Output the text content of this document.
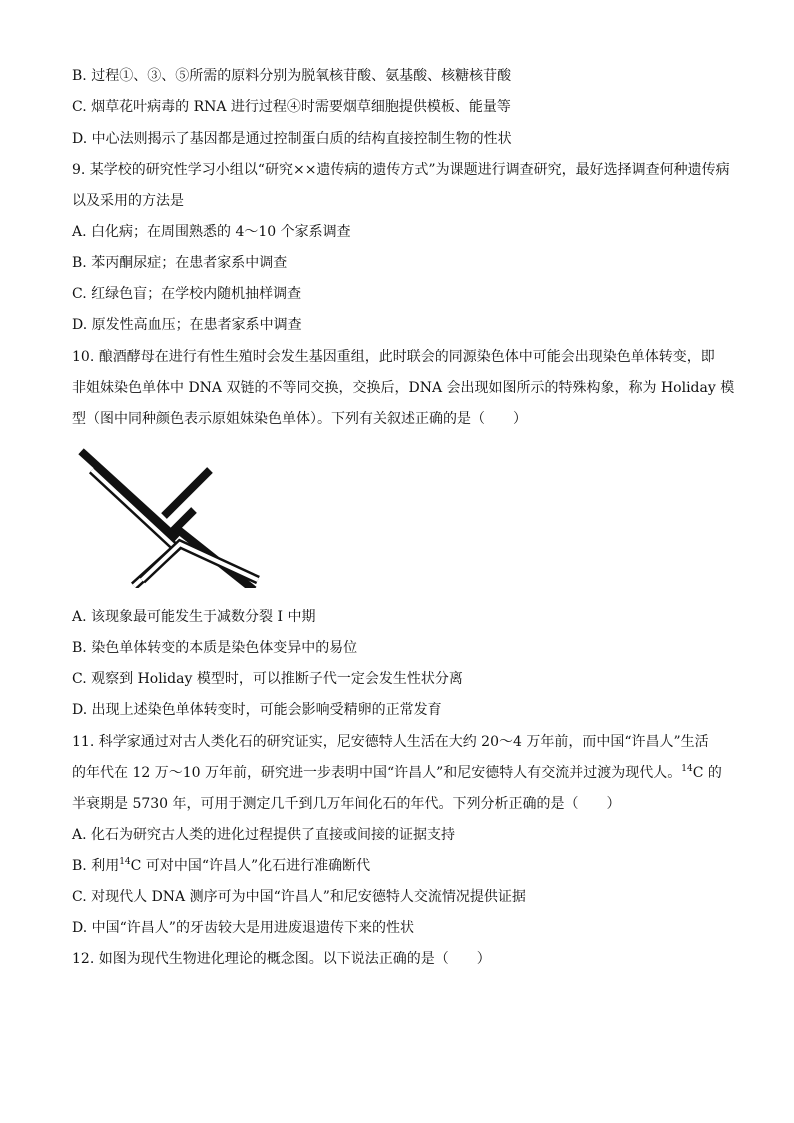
B. 过程①、③、⑤所需的原料分别为脱氧核苷酸、氨基酸、核糖核苷酸
C. 烟草花叶病毒的 RNA 进行过程④时需要烟草细胞提供模板、能量等
D. 中心法则揭示了基因都是通过控制蛋白质的结构直接控制生物的性状
9. 某学校的研究性学习小组以“研究××遗传病的遗传方式”为课题进行调查研究，最好选择调查何种遗传病
以及采用的方法是
A. 白化病；在周围熟悉的 4～10 个家系调查
B. 苯丙酮尿症；在患者家系中调查
C. 红绿色盲；在学校内随机抽样调查
D. 原发性高血压；在患者家系中调查
10. 酿酒酵母在进行有性生殖时会发生基因重组，此时联会的同源染色体中可能会出现染色单体转变，即
非姐妹染色单体中 DNA 双链的不等同交换，交换后，DNA 会出现如图所示的特殊构象，称为 Holiday 模
型（图中同种颜色表示原姐妹染色单体）。下列有关叙述正确的是（　　）
A. 该现象最可能发生于减数分裂 I 中期
B. 染色单体转变的本质是染色体变异中的易位
C. 观察到 Holiday 模型时，可以推断子代一定会发生性状分离
D. 出现上述染色单体转变时，可能会影响受精卵的正常发育
11. 科学家通过对古人类化石的研究证实，尼安德特人生活在大约 20～4 万年前，而中国“许昌人”生活
的年代在 12 万～10 万年前，研究进一步表明中国“许昌人”和尼安德特人有交流并过渡为现代人。$^{14}$C 的
半衰期是 5730 年，可用于测定几千到几万年间化石的年代。下列分析正确的是（　　）
A. 化石为研究古人类的进化过程提供了直接或间接的证据支持
B. 利用$^{14}$C 可对中国“许昌人”化石进行准确断代
C. 对现代人 DNA 测序可为中国“许昌人”和尼安德特人交流情况提供证据
D. 中国“许昌人”的牙齿较大是用进废退遗传下来的性状
12. 如图为现代生物进化理论的概念图。以下说法正确的是（　　）
